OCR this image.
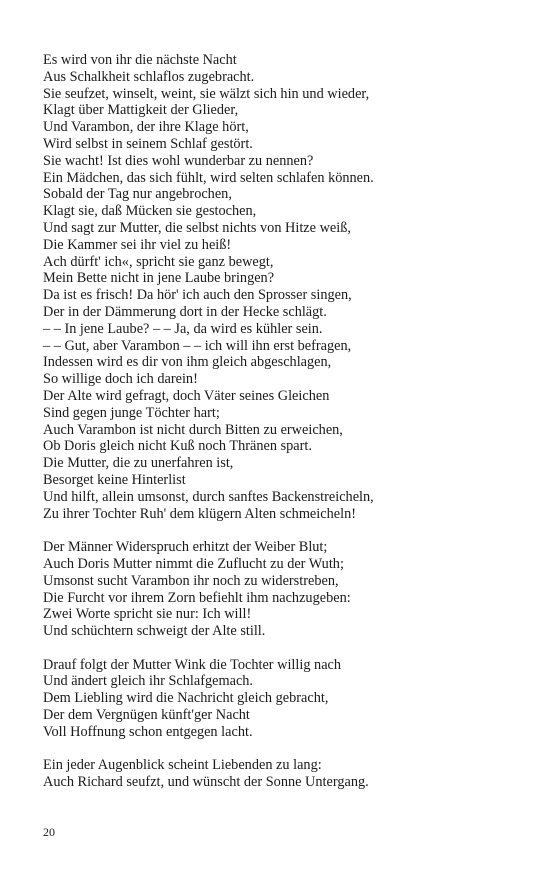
Es wird von ihr die nächste Nacht
Aus Schalkheit schlaflos zugebracht.
Sie seufzet, winselt, weint, sie wälzt sich hin und wieder,
Klagt über Mattigkeit der Glieder,
Und Varambon, der ihre Klage hört,
Wird selbst in seinem Schlaf gestört.
Sie wacht! Ist dies wohl wunderbar zu nennen?
Ein Mädchen, das sich fühlt, wird selten schlafen können.
Sobald der Tag nur angebrochen,
Klagt sie, daß Mücken sie gestochen,
Und sagt zur Mutter, die selbst nichts von Hitze weiß,
Die Kammer sei ihr viel zu heiß!
Ach dürft' ich«, spricht sie ganz bewegt,
Mein Bette nicht in jene Laube bringen?
Da ist es frisch! Da hör' ich auch den Sprosser singen,
Der in der Dämmerung dort in der Hecke schlägt.
– – In jene Laube? – – Ja, da wird es kühler sein.
– – Gut, aber Varambon – – ich will ihn erst befragen,
Indessen wird es dir von ihm gleich abgeschlagen,
So willige doch ich darein!
Der Alte wird gefragt, doch Väter seines Gleichen
Sind gegen junge Töchter hart;
Auch Varambon ist nicht durch Bitten zu erweichen,
Ob Doris gleich nicht Kuß noch Thränen spart.
Die Mutter, die zu unerfahren ist,
Besorget keine Hinterlist
Und hilft, allein umsonst, durch sanftes Backenstreicheln,
Zu ihrer Tochter Ruh' dem klügern Alten schmeicheln!
Der Männer Widerspruch erhitzt der Weiber Blut;
Auch Doris Mutter nimmt die Zuflucht zu der Wuth;
Umsonst sucht Varambon ihr noch zu widerstreben,
Die Furcht vor ihrem Zorn befiehlt ihm nachzugeben:
Zwei Worte spricht sie nur: Ich will!
Und schüchtern schweigt der Alte still.
Drauf folgt der Mutter Wink die Tochter willig nach
Und ändert gleich ihr Schlafgemach.
Dem Liebling wird die Nachricht gleich gebracht,
Der dem Vergnügen künft'ger Nacht
Voll Hoffnung schon entgegen lacht.
Ein jeder Augenblick scheint Liebenden zu lang:
Auch Richard seufzt, und wünscht der Sonne Untergang.
20
